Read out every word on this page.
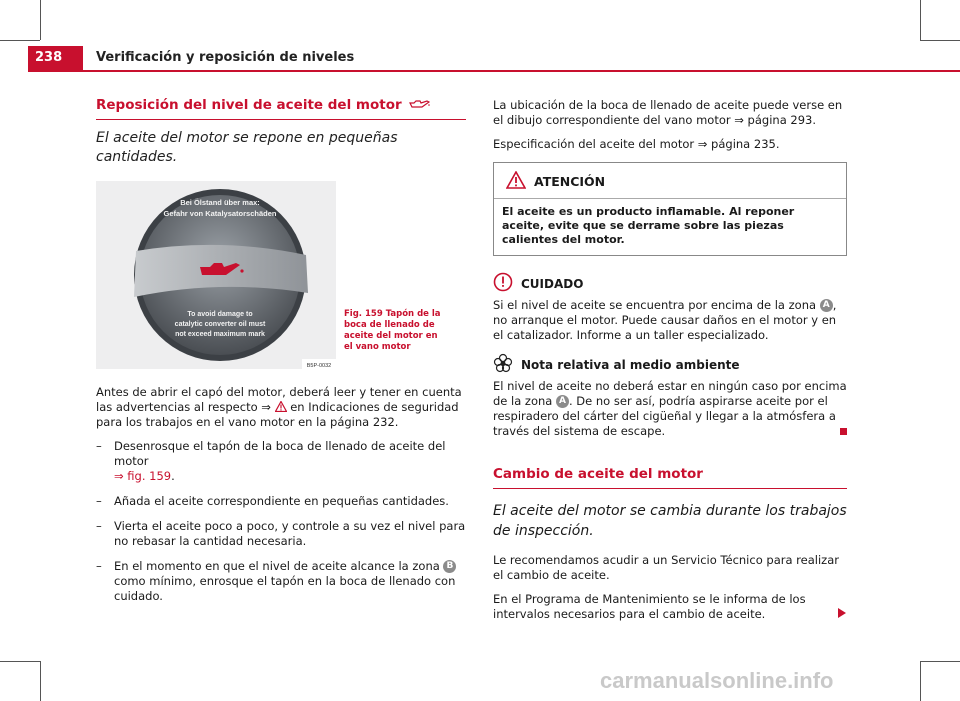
238	Verificación y reposición de niveles
Reposición del nivel de aceite del motor
El aceite del motor se repone en pequeñas cantidades.
Bei Ölstand über max:
Gefahr von Katalysatorschäden
To avoid damage to
catalytic converter oil must
not exceed maximum mark
B5P-0032
Fig. 159 Tapón de la boca de llenado de aceite del motor en el vano motor

Antes de abrir el capó del motor, deberá leer y tener en cuenta las advertencias al respecto ⇒ en Indicaciones de seguridad para los trabajos en el vano motor en la página 232.

–	Desenrosque el tapón de la boca de llenado de aceite del motor
⇒ fig. 159.
–	Añada el aceite correspondiente en pequeñas cantidades.
–	Vierta el aceite poco a poco, y controle a su vez el nivel para no rebasar la cantidad necesaria.
–	En el momento en que el nivel de aceite alcance la zona B como mínimo, enrosque el tapón en la boca de llenado con cuidado.

La ubicación de la boca de llenado de aceite puede verse en el dibujo correspondiente del vano motor ⇒ página 293.

Especificación del aceite del motor ⇒ página 235.

ATENCIÓN
El aceite es un producto inflamable. Al reponer aceite, evite que se derrame sobre las piezas calientes del motor.
CUIDADO

Si el nivel de aceite se encuentra por encima de la zona A , no arranque el motor. Puede causar daños en el motor y en el catalizador. Informe a un taller especializado.

Nota relativa al medio ambiente

El nivel de aceite no deberá estar en ningún caso por encima de la zona A . De no ser así, podría aspirarse aceite por el respiradero del cárter del cigüeñal y llegar a la atmósfera a través del sistema de escape.

Cambio de aceite del motor
El aceite del motor se cambia durante los trabajos de inspección.

Le recomendamos acudir a un Servicio Técnico para realizar el cambio de aceite.

En el Programa de Mantenimiento se le informa de los intervalos necesarios para el cambio de aceite.

carmanualsonline.info
